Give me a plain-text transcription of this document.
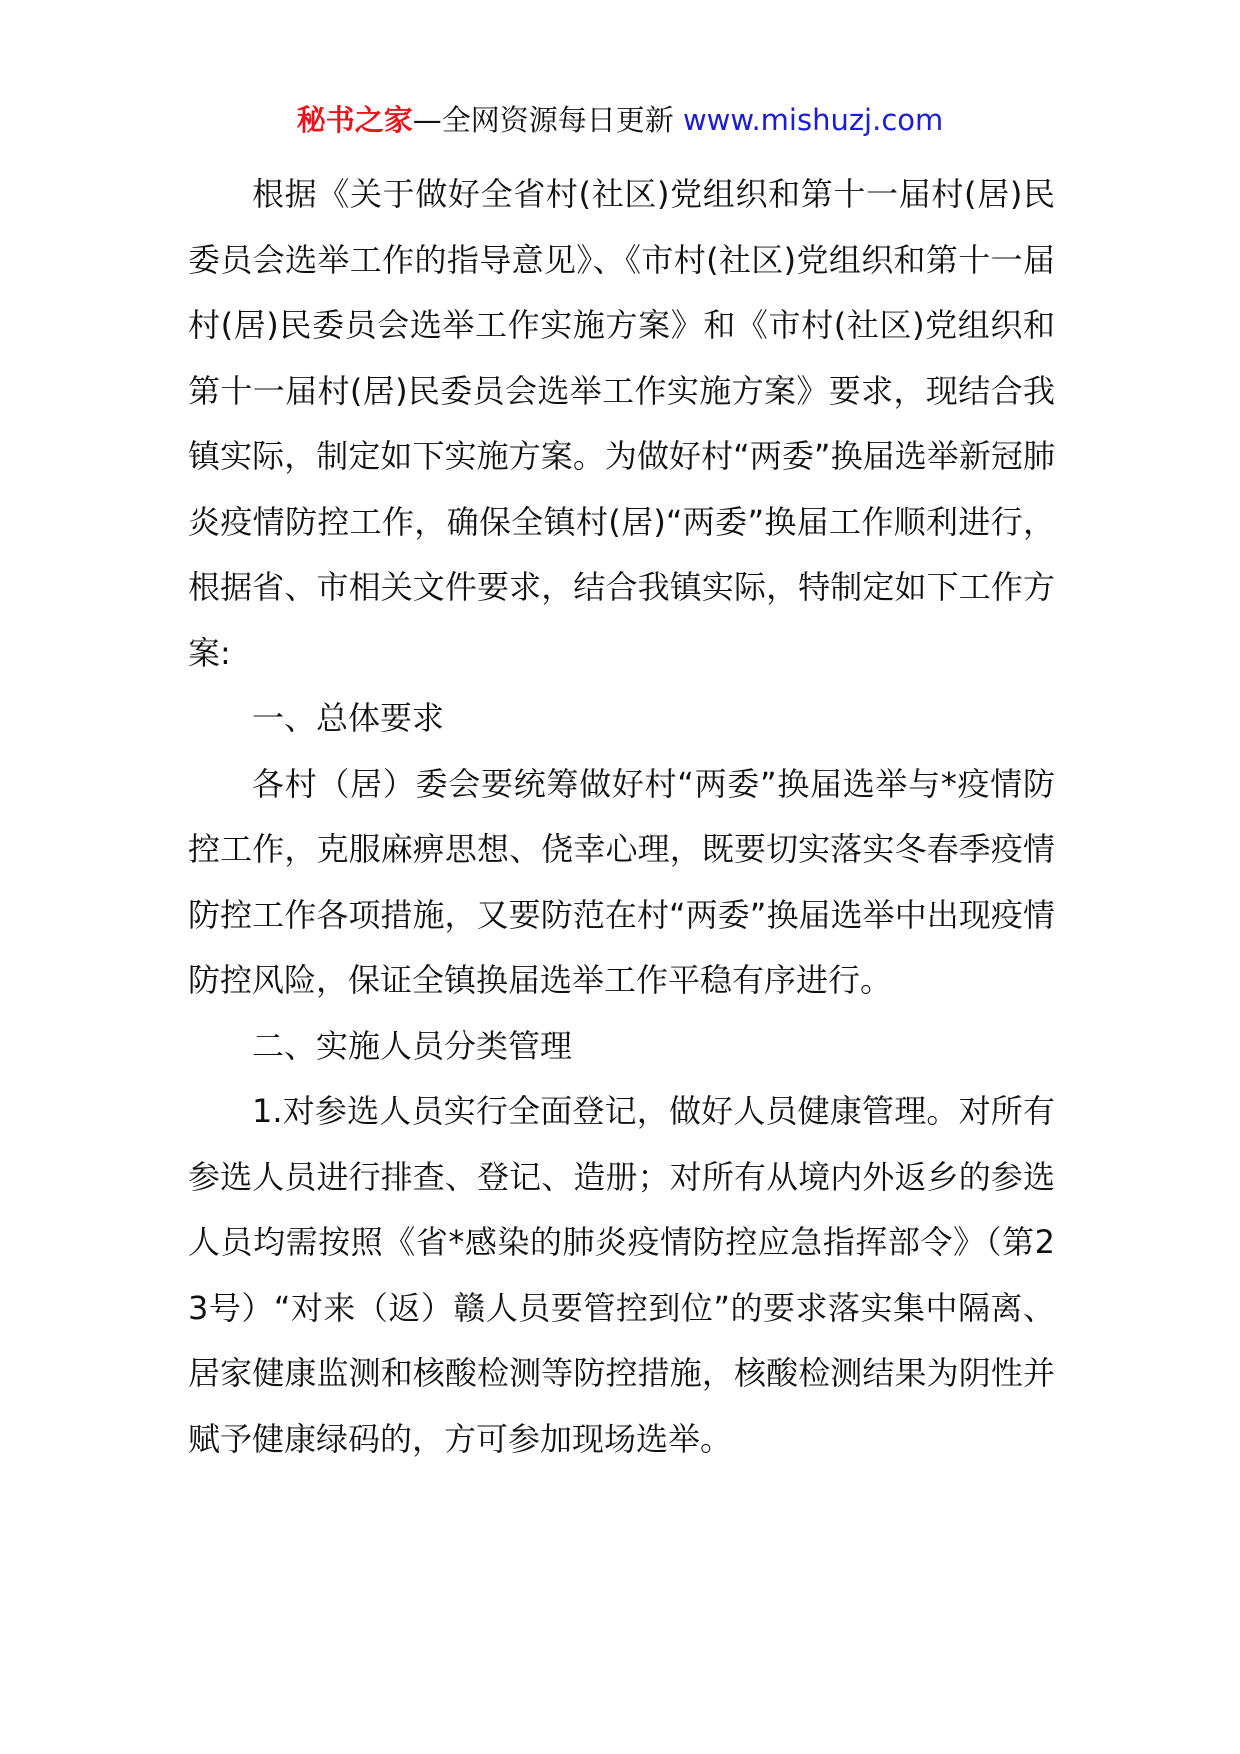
秘书之家—全网资源每日更新 www.mishuzj.com

根据《关于做好全省村(社区)党组织和第十一届村(居)民委员会选举工作的指导意见》、《市村(社区)党组织和第十一届村(居)民委员会选举工作实施方案》和《市村(社区)党组织和第十一届村(居)民委员会选举工作实施方案》要求，现结合我镇实际，制定如下实施方案。为做好村“两委”换届选举新冠肺炎疫情防控工作，确保全镇村(居)“两委”换届工作顺利进行，根据省、市相关文件要求，结合我镇实际，特制定如下工作方案:

一、总体要求

各村（居）委会要统筹做好村“两委”换届选举与*疫情防控工作，克服麻痹思想、侥幸心理，既要切实落实冬春季疫情防控工作各项措施，又要防范在村“两委”换届选举中出现疫情防控风险，保证全镇换届选举工作平稳有序进行。

二、实施人员分类管理

1.对参选人员实行全面登记，做好人员健康管理。对所有参选人员进行排查、登记、造册；对所有从境内外返乡的参选人员均需按照《省*感染的肺炎疫情防控应急指挥部令》（第23号）“对来（返）赣人员要管控到位”的要求落实集中隔离、居家健康监测和核酸检测等防控措施，核酸检测结果为阴性并赋予健康绿码的，方可参加现场选举。
